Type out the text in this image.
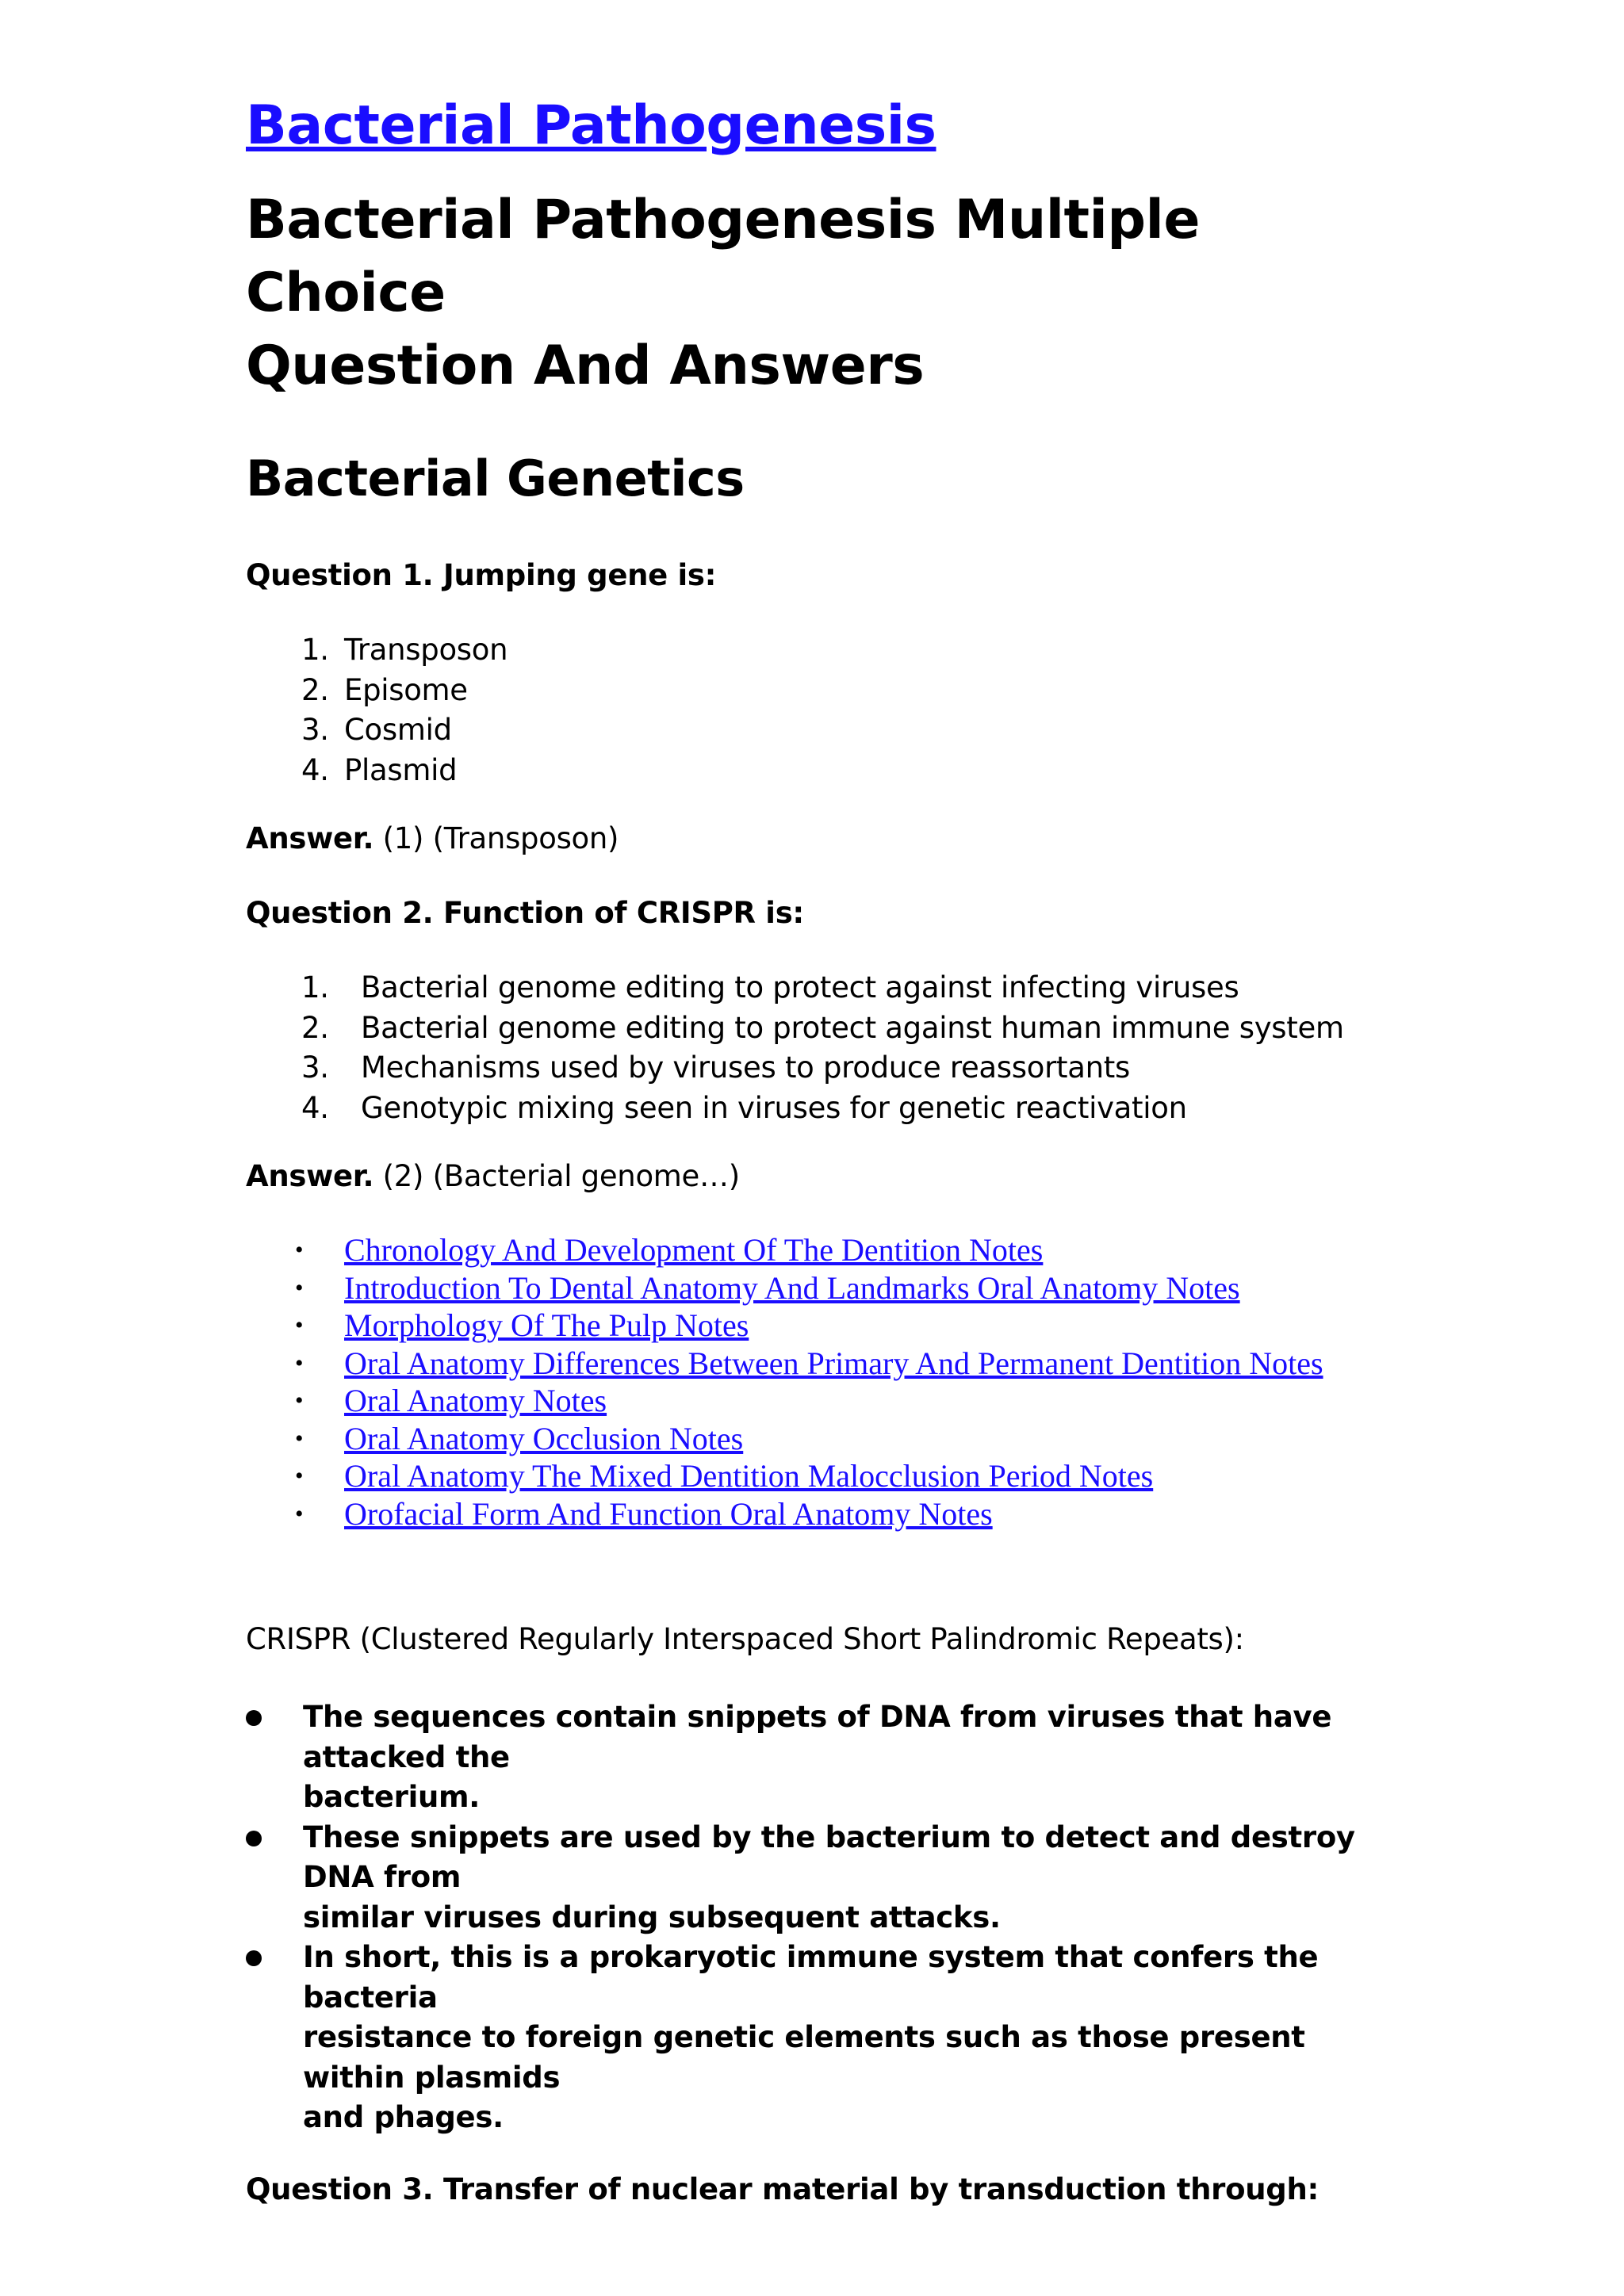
Bacterial Pathogenesis
Bacterial Pathogenesis Multiple Choice
Question And Answers
Bacterial Genetics

Question 1. Jumping gene is:

1. Transposon
2. Episome
3. Cosmid
4. Plasmid

Answer. (1) (Transposon)

Question 2. Function of CRISPR is:

1.	Bacterial genome editing to protect against infecting viruses
2.	Bacterial genome editing to protect against human immune system
3.	Mechanisms used by viruses to produce reassortants
4.	Genotypic mixing seen in viruses for genetic reactivation

Answer. (2) (Bacterial genome…)

• Chronology And Development Of The Dentition Notes
• Introduction To Dental Anatomy And Landmarks Oral Anatomy Notes
• Morphology Of The Pulp Notes
• Oral Anatomy Differences Between Primary And Permanent Dentition Notes
• Oral Anatomy Notes
• Oral Anatomy Occlusion Notes
• Oral Anatomy The Mixed Dentition Malocclusion Period Notes
• Orofacial Form And Function Oral Anatomy Notes

CRISPR (Clustered Regularly Interspaced Short Palindromic Repeats):

The sequences contain snippets of DNA from viruses that have attacked the
bacterium.
These snippets are used by the bacterium to detect and destroy DNA from
similar viruses during subsequent attacks.
In short, this is a prokaryotic immune system that confers the bacteria
resistance to foreign genetic elements such as those present within plasmids
and phages.

Question 3. Transfer of nuclear material by transduction through:
